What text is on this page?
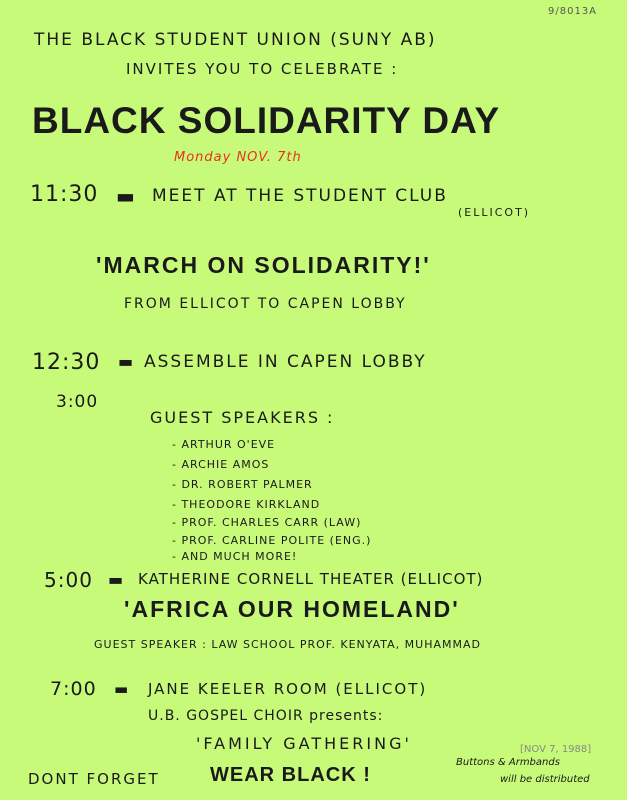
9/8013A
THE BLACK STUDENT UNION (SUNY AB)
INVITES YOU TO CELEBRATE :
BLACK SOLIDARITY DAY
Monday NOV. 7th
11:30 ▬ MEET AT THE STUDENT CLUB
(ELLICOT)
'MARCH ON SOLIDARITY!'
FROM ELLICOT TO CAPEN LOBBY
12:30 ▬ ASSEMBLE IN CAPEN LOBBY
3:00
GUEST SPEAKERS :
- ARTHUR O'EVE
- ARCHIE AMOS
- DR. ROBERT PALMER
- THEODORE KIRKLAND
- PROF. CHARLES CARR (LAW)
- PROF. CARLINE POLITE (ENG.)
- AND MUCH MORE!
5:00 ▬ KATHERINE CORNELL THEATER (ELLICOT)
'AFRICA OUR HOMELAND'
GUEST SPEAKER : LAW SCHOOL PROF. KENYATA, MUHAMMAD
7:00 ▬ JANE KEELER ROOM (ELLICOT)
U.B. GOSPEL CHOIR presents:
'FAMILY GATHERING'	[NOV 7, 1988]
DONT FORGET	WEAR BLACK !
Buttons & Armbands
will be distributed
